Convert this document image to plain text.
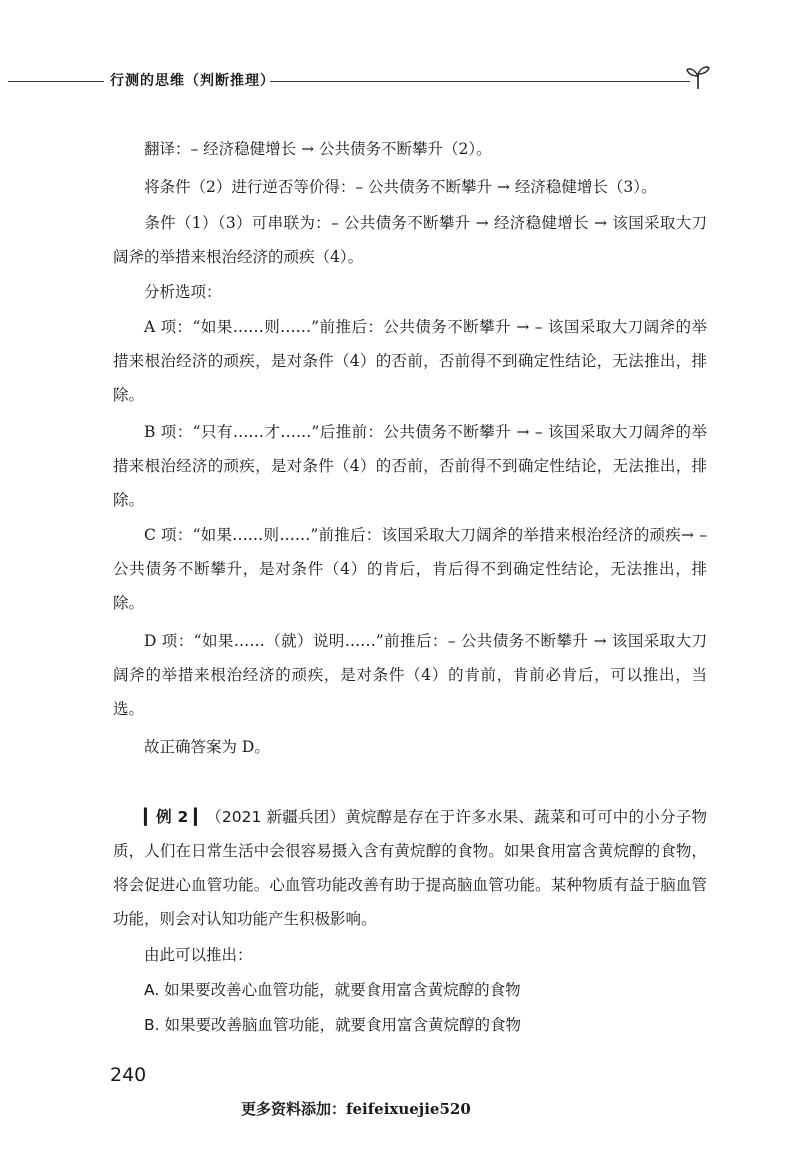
行测的思维（判断推理）

翻译：– 经济稳健增长 → 公共债务不断攀升（2）。

将条件（2）进行逆否等价得：– 公共债务不断攀升 → 经济稳健增长（3）。

条件（1）（3）可串联为：– 公共债务不断攀升 → 经济稳健增长 → 该国采取大刀阔斧的举措来根治经济的顽疾（4）。

分析选项：

A 项：“如果……则……”前推后：公共债务不断攀升 → – 该国采取大刀阔斧的举措来根治经济的顽疾，是对条件（4）的否前，否前得不到确定性结论，无法推出，排除。

B 项：“只有……才……”后推前：公共债务不断攀升 → – 该国采取大刀阔斧的举措来根治经济的顽疾，是对条件（4）的否前，否前得不到确定性结论，无法推出，排除。

C 项：“如果……则……”前推后：该国采取大刀阔斧的举措来根治经济的顽疾→ – 公共债务不断攀升，是对条件（4）的肯后，肯后得不到确定性结论，无法推出，排除。

D 项：“如果……（就）说明……”前推后：– 公共债务不断攀升 → 该国采取大刀阔斧的举措来根治经济的顽疾，是对条件（4）的肯前，肯前必肯后，可以推出，当选。

故正确答案为 D。

▎例 2 ▎（2021 新疆兵团）黄烷醇是存在于许多水果、蔬菜和可可中的小分子物质，人们在日常生活中会很容易摄入含有黄烷醇的食物。如果食用富含黄烷醇的食物，将会促进心血管功能。心血管功能改善有助于提高脑血管功能。某种物质有益于脑血管功能，则会对认知功能产生积极影响。

由此可以推出：

A. 如果要改善心血管功能，就要食用富含黄烷醇的食物

B. 如果要改善脑血管功能，就要食用富含黄烷醇的食物

240
更多资料添加：feifeixuejie520
